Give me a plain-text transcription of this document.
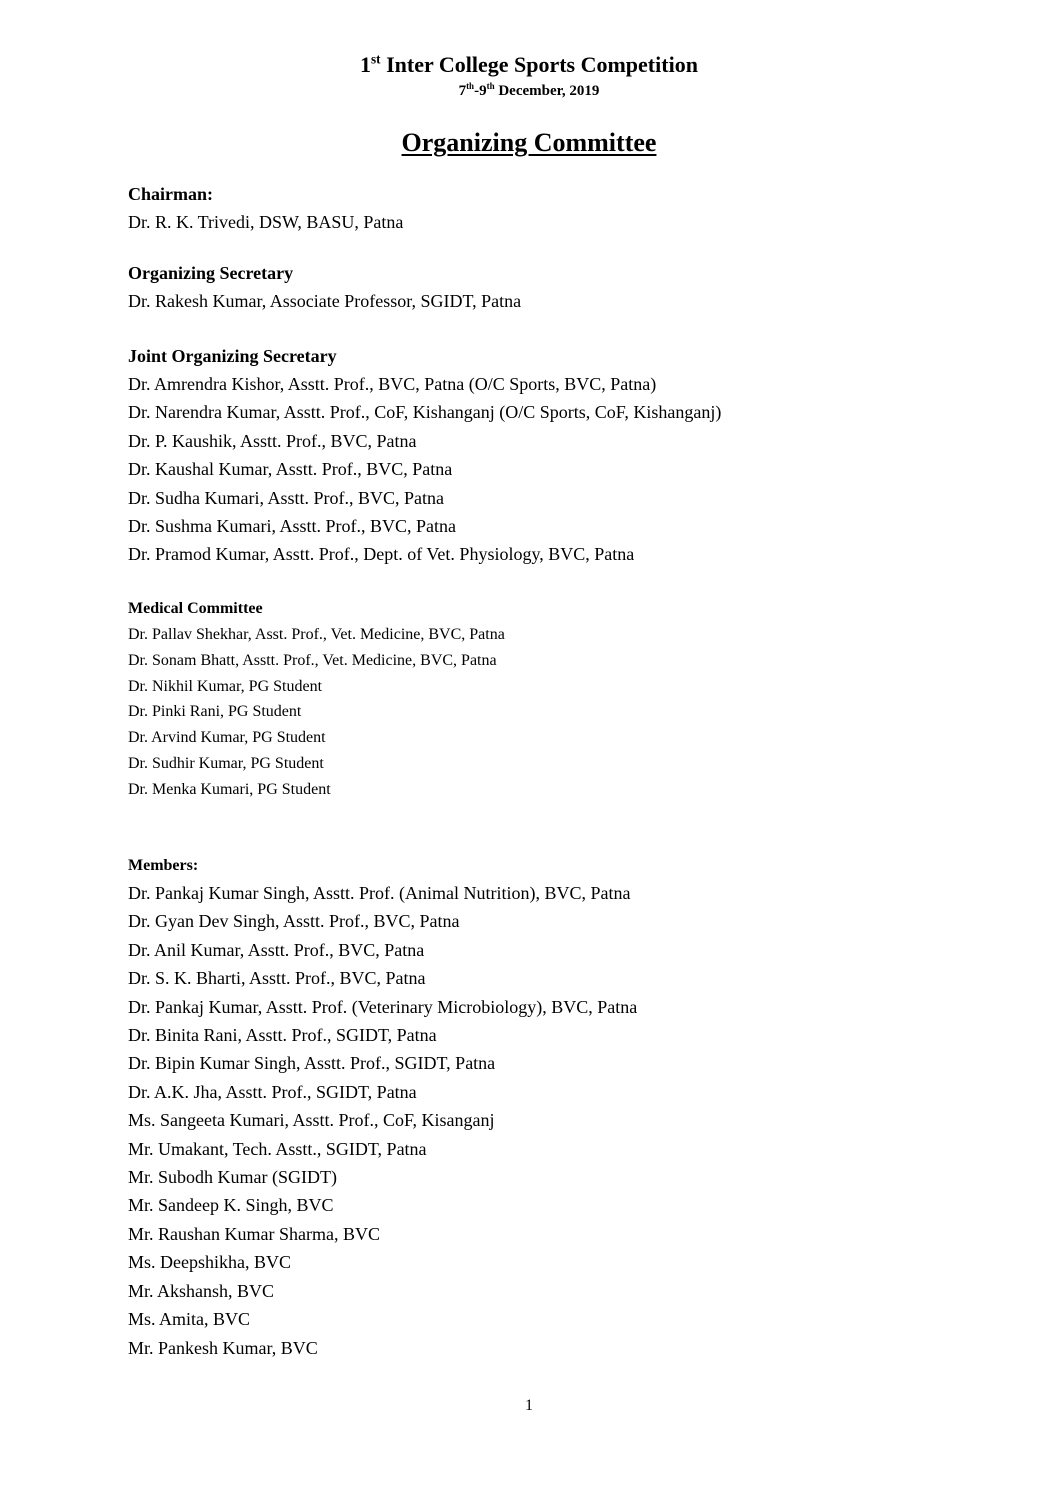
1st Inter College Sports Competition
7th-9th December, 2019
Organizing Committee
Chairman:
Dr. R. K. Trivedi, DSW, BASU, Patna
Organizing Secretary
Dr. Rakesh Kumar, Associate Professor, SGIDT, Patna
Joint Organizing Secretary
Dr. Amrendra Kishor, Asstt. Prof., BVC, Patna (O/C Sports, BVC, Patna)
Dr. Narendra Kumar, Asstt. Prof., CoF, Kishanganj (O/C Sports, CoF, Kishanganj)
Dr. P. Kaushik, Asstt. Prof., BVC, Patna
Dr. Kaushal Kumar, Asstt. Prof., BVC, Patna
Dr. Sudha Kumari, Asstt. Prof., BVC, Patna
Dr. Sushma Kumari, Asstt. Prof., BVC, Patna
Dr. Pramod Kumar, Asstt. Prof., Dept. of Vet. Physiology, BVC, Patna
Medical Committee
Dr. Pallav Shekhar, Asst. Prof., Vet. Medicine, BVC, Patna
Dr. Sonam Bhatt, Asstt. Prof., Vet. Medicine, BVC, Patna
Dr. Nikhil Kumar, PG Student
Dr. Pinki Rani, PG Student
Dr. Arvind Kumar, PG Student
Dr. Sudhir Kumar, PG Student
Dr. Menka Kumari, PG Student
Members:
Dr. Pankaj Kumar Singh, Asstt. Prof. (Animal Nutrition), BVC, Patna
Dr. Gyan Dev Singh, Asstt. Prof., BVC, Patna
Dr. Anil Kumar, Asstt. Prof., BVC, Patna
Dr. S. K. Bharti, Asstt. Prof., BVC, Patna
Dr. Pankaj Kumar, Asstt. Prof. (Veterinary Microbiology), BVC, Patna
Dr. Binita Rani, Asstt. Prof., SGIDT, Patna
Dr. Bipin Kumar Singh, Asstt. Prof., SGIDT, Patna
Dr. A.K. Jha, Asstt. Prof., SGIDT, Patna
Ms. Sangeeta Kumari, Asstt. Prof., CoF, Kisanganj
Mr. Umakant, Tech. Asstt., SGIDT, Patna
Mr. Subodh Kumar (SGIDT)
Mr. Sandeep K. Singh, BVC
Mr. Raushan Kumar Sharma, BVC
Ms. Deepshikha, BVC
Mr. Akshansh, BVC
Ms. Amita, BVC
Mr. Pankesh Kumar, BVC
1
